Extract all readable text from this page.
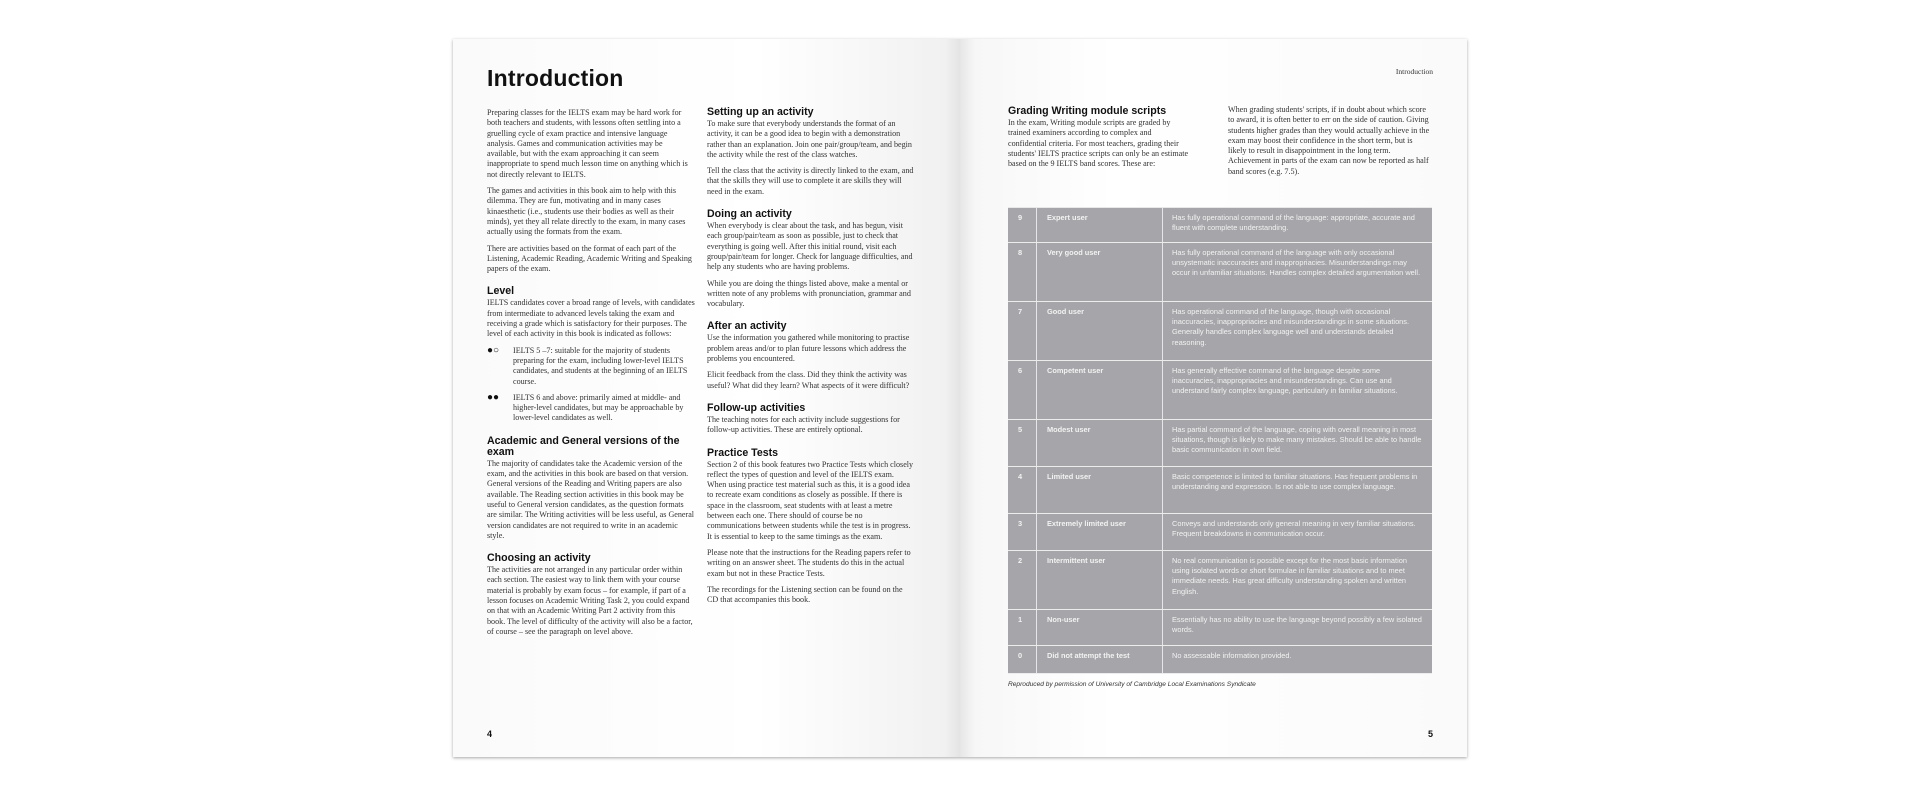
Introduction

Preparing classes for the IELTS exam may be hard work for both teachers and students, with lessons often settling into a gruelling cycle of exam practice and intensive language analysis. Games and communication activities may be available, but with the exam approaching it can seem inappropriate to spend much lesson time on anything which is not directly relevant to IELTS.

The games and activities in this book aim to help with this dilemma. They are fun, motivating and in many cases kinaesthetic (i.e., students use their bodies as well as their minds), yet they all relate directly to the exam, in many cases actually using the formats from the exam.

There are activities based on the format of each part of the Listening, Academic Reading, Academic Writing and Speaking papers of the exam.

Level

IELTS candidates cover a broad range of levels, with candidates from intermediate to advanced levels taking the exam and receiving a grade which is satisfactory for their purposes. The level of each activity in this book is indicated as follows:

●○	IELTS 5 –7: suitable for the majority of students preparing for the exam, including lower-level IELTS candidates, and students at the beginning of an IELTS course.
●●	IELTS 6 and above: primarily aimed at middle- and higher-level candidates, but may be approachable by lower-level candidates as well.
Academic and General versions of the exam

The majority of candidates take the Academic version of the exam, and the activities in this book are based on that version. General versions of the Reading and Writing papers are also available. The Reading section activities in this book may be useful to General version candidates, as the question formats are similar. The Writing activities will be less useful, as General version candidates are not required to write in an academic style.

Choosing an activity

The activities are not arranged in any particular order within each section. The easiest way to link them with your course material is probably by exam focus – for example, if part of a lesson focuses on Academic Writing Task 2, you could expand on that with an Academic Writing Part 2 activity from this book. The level of difficulty of the activity will also be a factor, of course – see the paragraph on level above.

Setting up an activity

To make sure that everybody understands the format of an activity, it can be a good idea to begin with a demonstration rather than an explanation. Join one pair/group/team, and begin the activity while the rest of the class watches.

Tell the class that the activity is directly linked to the exam, and that the skills they will use to complete it are skills they will need in the exam.

Doing an activity

When everybody is clear about the task, and has begun, visit each group/pair/team as soon as possible, just to check that everything is going well. After this initial round, visit each group/pair/team for longer. Check for language difficulties, and help any students who are having problems.

While you are doing the things listed above, make a mental or written note of any problems with pronunciation, grammar and vocabulary.

After an activity

Use the information you gathered while monitoring to practise problem areas and/or to plan future lessons which address the problems you encountered.

Elicit feedback from the class. Did they think the activity was useful? What did they learn? What aspects of it were difficult?

Follow-up activities

The teaching notes for each activity include suggestions for follow-up activities. These are entirely optional.

Practice Tests

Section 2 of this book features two Practice Tests which closely reflect the types of question and level of the IELTS exam. When using practice test material such as this, it is a good idea to recreate exam conditions as closely as possible. If there is space in the classroom, seat students with at least a metre between each one. There should of course be no communications between students while the test is in progress. It is essential to keep to the same timings as the exam.

Please note that the instructions for the Reading papers refer to writing on an answer sheet. The students do this in the actual exam but not in these Practice Tests.

The recordings for the Listening section can be found on the CD that accompanies this book.

4
Introduction
Grading Writing module scripts

In the exam, Writing module scripts are graded by trained examiners according to complex and confidential criteria. For most teachers, grading their students' IELTS practice scripts can only be an estimate based on the 9 IELTS band scores. These are:

When grading students' scripts, if in doubt about which score to award, it is often better to err on the side of caution. Giving students higher grades than they would actually achieve in the exam may boost their confidence in the short term, but is likely to result in disappointment in the long term. Achievement in parts of the exam can now be reported as half band scores (e.g. 7.5).

9	Expert user	Has fully operational command of the language: appropriate, accurate and fluent with complete understanding.
8	Very good user	Has fully operational command of the language with only occasional unsystematic inaccuracies and inappropriacies. Misunderstandings may occur in unfamiliar situations. Handles complex detailed argumentation well.
7	Good user	Has operational command of the language, though with occasional inaccuracies, inappropriacies and misunderstandings in some situations. Generally handles complex language well and understands detailed reasoning.
6	Competent user	Has generally effective command of the language despite some inaccuracies, inappropriacies and misunderstandings. Can use and understand fairly complex language, particularly in familiar situations.
5	Modest user	Has partial command of the language, coping with overall meaning in most situations, though is likely to make many mistakes. Should be able to handle basic communication in own field.
4	Limited user	Basic competence is limited to familiar situations. Has frequent problems in understanding and expression. Is not able to use complex language.
3	Extremely limited user	Conveys and understands only general meaning in very familiar situations. Frequent breakdowns in communication occur.
2	Intermittent user	No real communication is possible except for the most basic information using isolated words or short formulae in familiar situations and to meet immediate needs. Has great difficulty understanding spoken and written English.
1	Non-user	Essentially has no ability to use the language beyond possibly a few isolated words.
0	Did not attempt the test	No assessable information provided.
Reproduced by permission of University of Cambridge Local Examinations Syndicate
5
